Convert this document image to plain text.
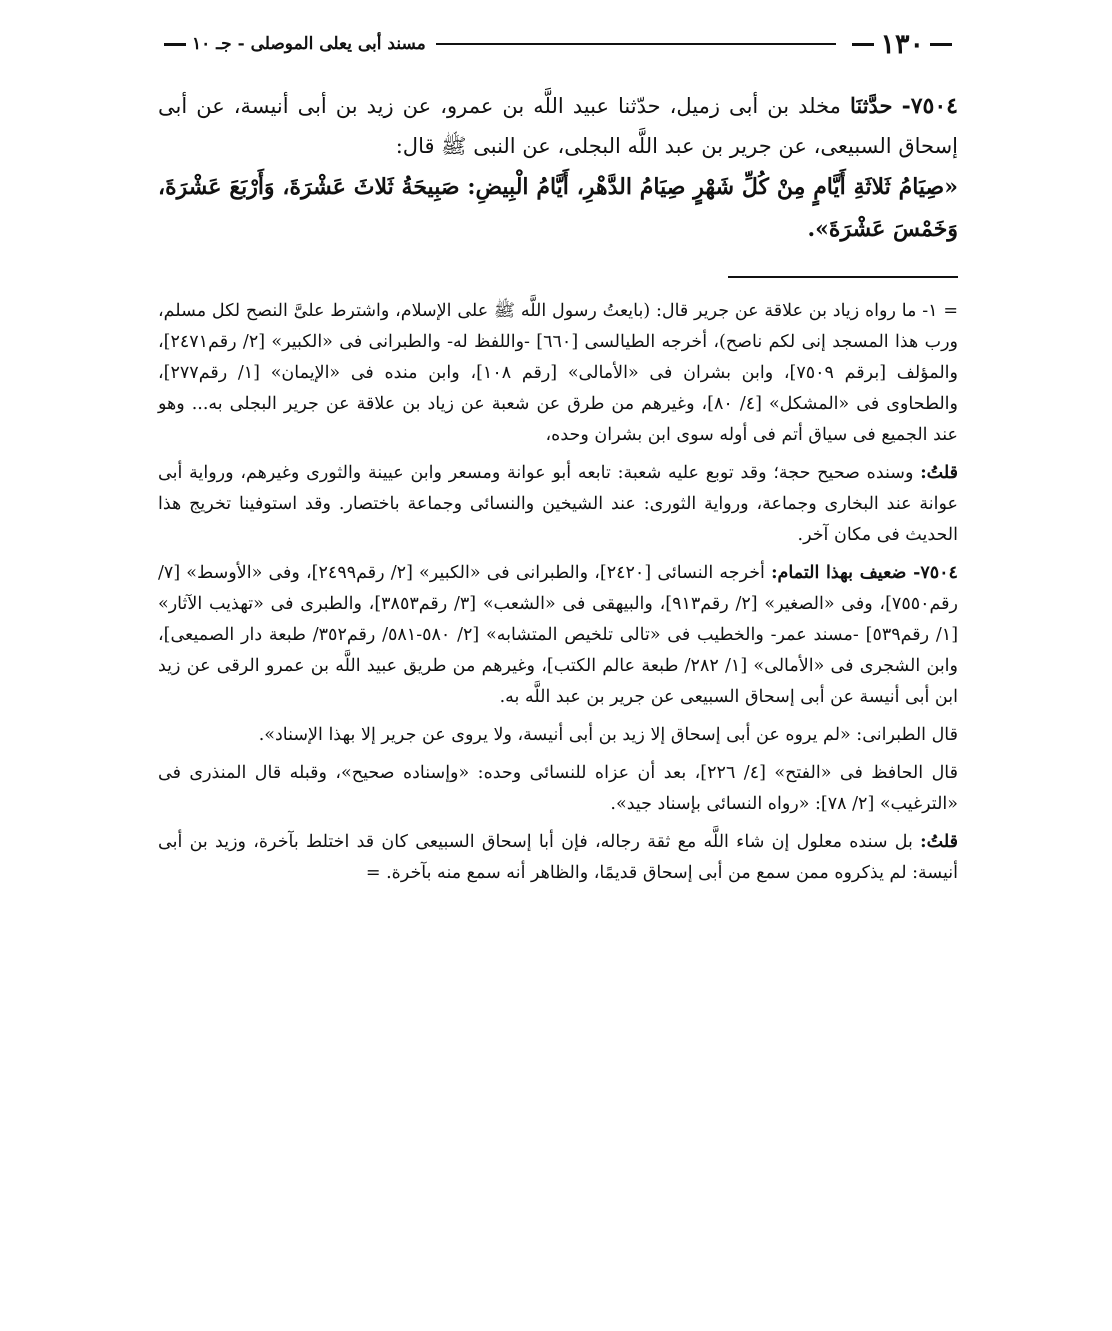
١٣٠
مسند أبى يعلى الموصلى - جـ ١٠
٧٥٠٤- حدَّثنَا مخلد بن أبى زميل، حدّثنا عبيد اللَّه بن عمرو، عن زيد بن أبى أنيسة، عن أبى إسحاق السبيعى، عن جرير بن عبد اللَّه البجلى، عن النبى ﷺ قال:
«صِيَامُ ثَلاثَةِ أَيَّامٍ مِنْ كُلِّ شَهْرٍ صِيَامُ الدَّهْرِ، أَيَّامُ الْبِيضِ: صَبِيحَةُ ثَلاثَ عَشْرَةَ، وَأَرْبَعَ عَشْرَةَ، وَخَمْسَ عَشْرَةَ».

= ١- ما رواه زياد بن علاقة عن جرير قال: (بايعتُ رسول اللَّه ﷺ على الإسلام، واشترط علىَّ النصح لكل مسلم، ورب هذا المسجد إنى لكم ناصح)، أخرجه الطيالسى [٦٦٠] -واللفظ له- والطبرانى فى «الكبير» [٢/ رقم٢٤٧١]، والمؤلف [برقم ٧٥٠٩]، وابن بشران فى «الأمالى» [رقم ١٠٨]، وابن منده فى «الإيمان» [١/ رقم٢٧٧]، والطحاوى فى «المشكل» [٤/ ٨٠]، وغيرهم من طرق عن شعبة عن زياد بن علاقة عن جرير البجلى به... وهو عند الجميع فى سياق أتم فى أوله سوى ابن بشران وحده،

قلتُ: وسنده صحيح حجة؛ وقد توبع عليه شعبة: تابعه أبو عوانة ومسعر وابن عيينة والثورى وغيرهم، ورواية أبى عوانة عند البخارى وجماعة، ورواية الثورى: عند الشيخين والنسائى وجماعة باختصار. وقد استوفينا تخريج هذا الحديث فى مكان آخر.

٧٥٠٤- ضعيف بهذا التمام: أخرجه النسائى [٢٤٢٠]، والطبرانى فى «الكبير» [٢/ رقم٢٤٩٩]، وفى «الأوسط» [٧/ رقم٧٥٥٠]، وفى «الصغير» [٢/ رقم٩١٣]، والبيهقى فى «الشعب» [٣/ رقم٣٨٥٣]، والطبرى فى «تهذيب الآثار» [١/ رقم٥٣٩] -مسند عمر- والخطيب فى «تالى تلخيص المتشابه» [٢/ ٥٨٠-٥٨١/ رقم٣٥٢/ طبعة دار الصميعى]، وابن الشجرى فى «الأمالى» [١/ ٢٨٢/ طبعة عالم الكتب]، وغيرهم من طريق عبيد اللَّه بن عمرو الرقى عن زيد ابن أبى أنيسة عن أبى إسحاق السبيعى عن جرير بن عبد اللَّه به.

قال الطبرانى: «لم يروه عن أبى إسحاق إلا زيد بن أبى أنيسة، ولا يروى عن جرير إلا بهذا الإسناد».

قال الحافظ فى «الفتح» [٤/ ٢٢٦]، بعد أن عزاه للنسائى وحده: «وإسناده صحيح»، وقبله قال المنذرى فى «الترغيب» [٢/ ٧٨]: «رواه النسائى بإسناد جيد».

قلتُ: بل سنده معلول إن شاء اللَّه مع ثقة رجاله، فإن أبا إسحاق السبيعى كان قد اختلط بآخرة، وزيد بن أبى أنيسة: لم يذكروه ممن سمع من أبى إسحاق قديمًا، والظاهر أنه سمع منه بآخرة. =
